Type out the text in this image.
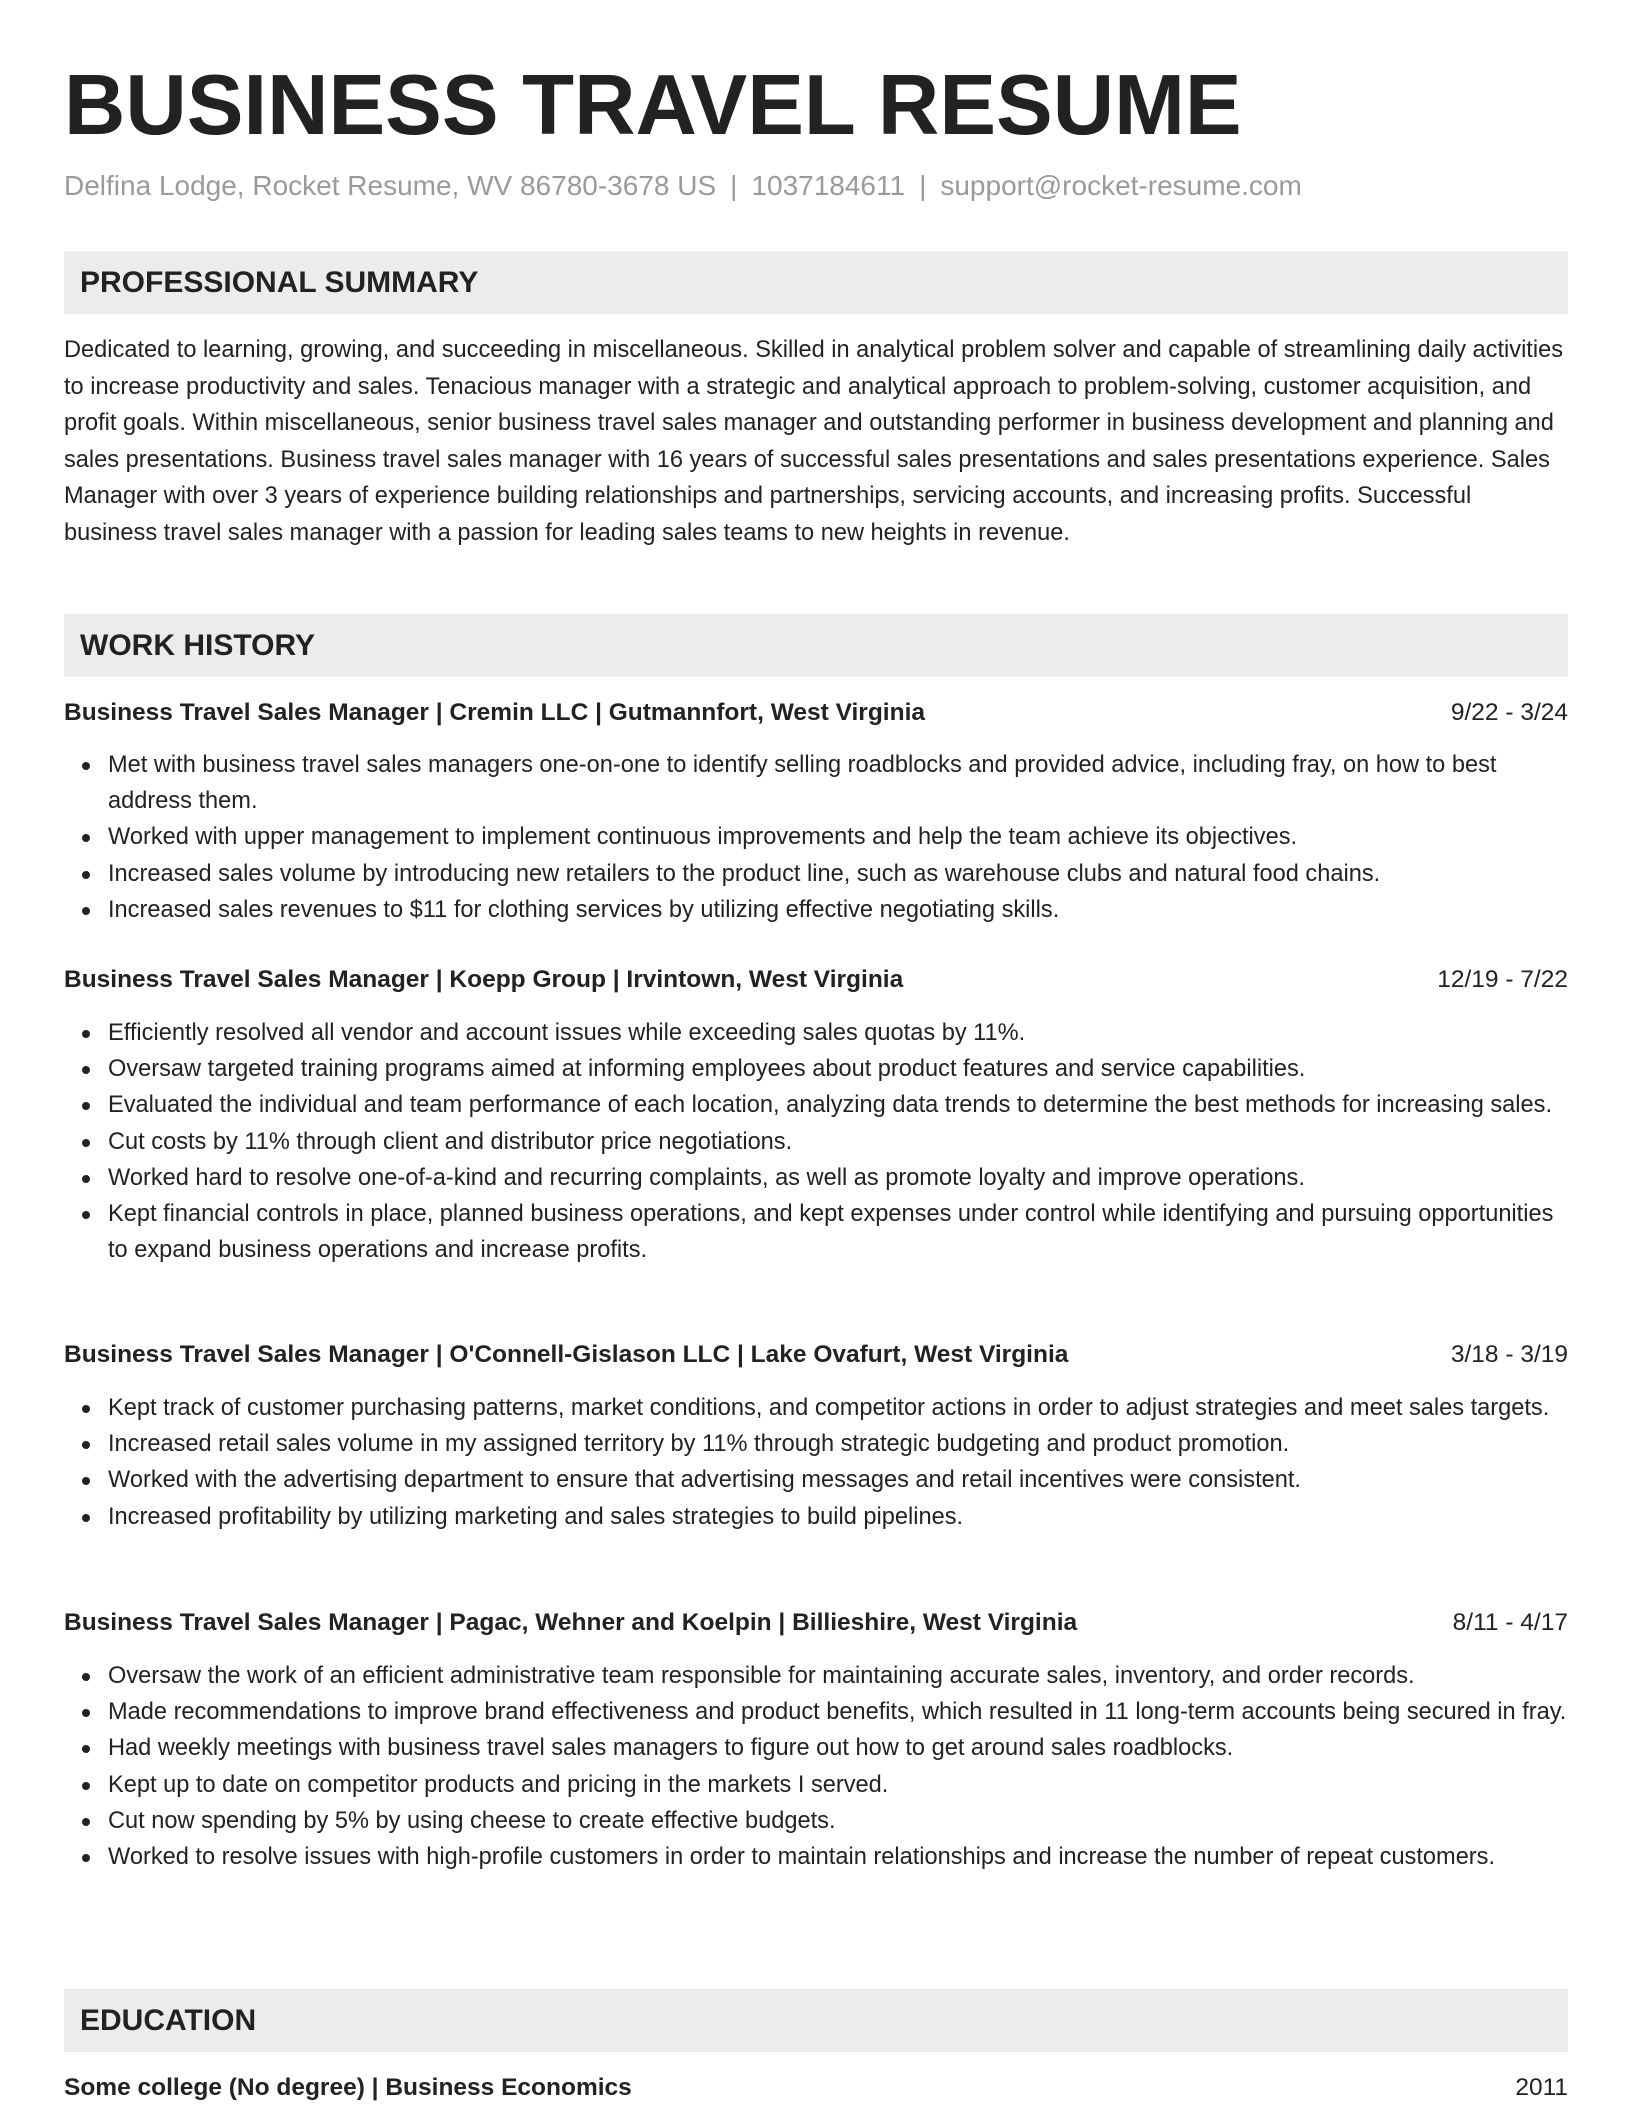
BUSINESS TRAVEL RESUME
Delfina Lodge, Rocket Resume, WV 86780-3678 US | 1037184611 | support@rocket-resume.com
PROFESSIONAL SUMMARY

Dedicated to learning, growing, and succeeding in miscellaneous. Skilled in analytical problem solver and capable of streamlining daily activities to increase productivity and sales. Tenacious manager with a strategic and analytical approach to problem-solving, customer acquisition, and profit goals. Within miscellaneous, senior business travel sales manager and outstanding performer in business development and planning and sales presentations. Business travel sales manager with 16 years of successful sales presentations and sales presentations experience. Sales Manager with over 3 years of experience building relationships and partnerships, servicing accounts, and increasing profits. Successful business travel sales manager with a passion for leading sales teams to new heights in revenue.

WORK HISTORY
Business Travel Sales Manager | Cremin LLC | Gutmannfort, West Virginia	9/22 - 3/24
Met with business travel sales managers one-on-one to identify selling roadblocks and provided advice, including fray, on how to best address them.
Worked with upper management to implement continuous improvements and help the team achieve its objectives.
Increased sales volume by introducing new retailers to the product line, such as warehouse clubs and natural food chains.
Increased sales revenues to $11 for clothing services by utilizing effective negotiating skills.
Business Travel Sales Manager | Koepp Group | Irvintown, West Virginia	12/19 - 7/22
Efficiently resolved all vendor and account issues while exceeding sales quotas by 11%.
Oversaw targeted training programs aimed at informing employees about product features and service capabilities.
Evaluated the individual and team performance of each location, analyzing data trends to determine the best methods for increasing sales.
Cut costs by 11% through client and distributor price negotiations.
Worked hard to resolve one-of-a-kind and recurring complaints, as well as promote loyalty and improve operations.
Kept financial controls in place, planned business operations, and kept expenses under control while identifying and pursuing opportunities to expand business operations and increase profits.
Business Travel Sales Manager | O'Connell-Gislason LLC | Lake Ovafurt, West Virginia	3/18 - 3/19
Kept track of customer purchasing patterns, market conditions, and competitor actions in order to adjust strategies and meet sales targets.
Increased retail sales volume in my assigned territory by 11% through strategic budgeting and product promotion.
Worked with the advertising department to ensure that advertising messages and retail incentives were consistent.
Increased profitability by utilizing marketing and sales strategies to build pipelines.
Business Travel Sales Manager | Pagac, Wehner and Koelpin | Billieshire, West Virginia	8/11 - 4/17
Oversaw the work of an efficient administrative team responsible for maintaining accurate sales, inventory, and order records.
Made recommendations to improve brand effectiveness and product benefits, which resulted in 11 long-term accounts being secured in fray.
Had weekly meetings with business travel sales managers to figure out how to get around sales roadblocks.
Kept up to date on competitor products and pricing in the markets I served.
Cut now spending by 5% by using cheese to create effective budgets.
Worked to resolve issues with high-profile customers in order to maintain relationships and increase the number of repeat customers.
EDUCATION
Some college (No degree) | Business Economics	2011
